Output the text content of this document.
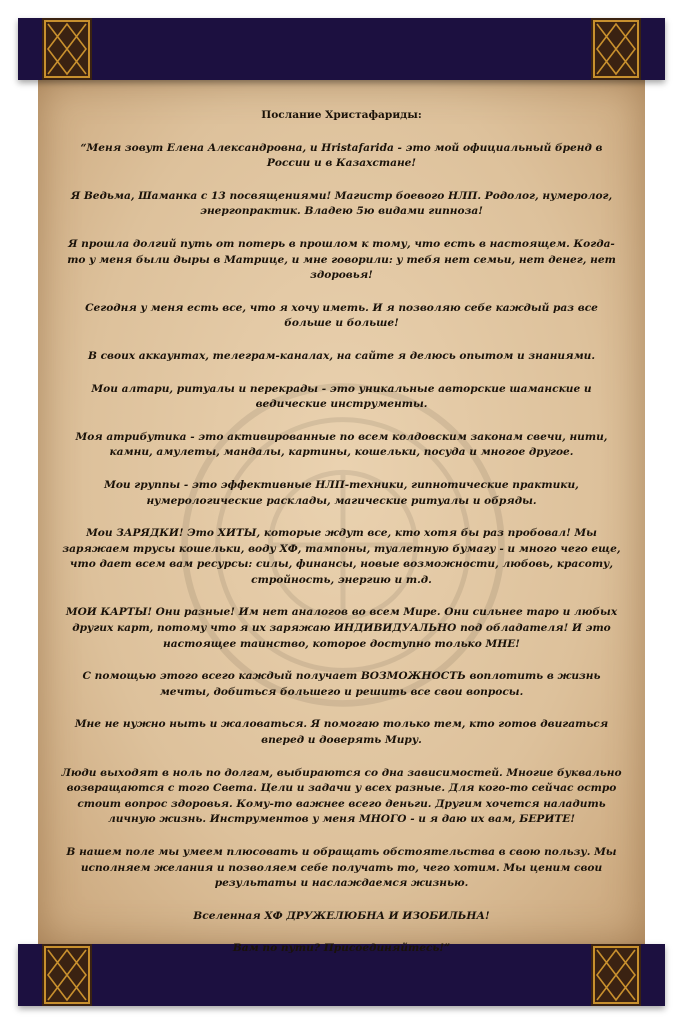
Послание Христафариды:

“Меня зовут Елена Александровна, и Hristafarida - это мой официальный бренд в России и в Казахстане!

Я Ведьма, Шаманка с 13 посвящениями! Магистр боевого НЛП. Родолог, нумеролог, энергопрактик. Владею 5ю видами гипноза!

Я прошла долгий путь от потерь в прошлом к тому, что есть в настоящем. Когда-то у меня были дыры в Матрице, и мне говорили: у тебя нет семьи, нет денег, нет здоровья!

Сегодня у меня есть все, что я хочу иметь. И я позволяю себе каждый раз все больше и больше!

В своих аккаунтах, телеграм-каналах, на сайте я делюсь опытом и знаниями.

Мои алтари, ритуалы и перекрады - это уникальные авторские шаманские и ведические инструменты.

Моя атрибутика - это активированные по всем колдовским законам свечи, нити, камни, амулеты, мандалы, картины, кошельки, посуда и многое другое.

Мои группы - это эффективные НЛП-техники, гипнотические практики, нумерологические расклады, магические ритуалы и обряды.

Мои ЗАРЯДКИ! Это ХИТЫ, которые ждут все, кто хотя бы раз пробовал! Мы заряжаем трусы кошельки, воду ХФ, тампоны, туалетную бумагу - и много чего еще, что дает всем вам ресурсы: силы, финансы, новые возможности, любовь, красоту, стройность, энергию и т.д.

МОИ КАРТЫ! Они разные! Им нет аналогов во всем Мире. Они сильнее таро и любых других карт, потому что я их заряжаю ИНДИВИДУАЛЬНО под обладателя! И это настоящее таинство, которое доступно только МНЕ!

С помощью этого всего каждый получает ВОЗМОЖНОСТЬ воплотить в жизнь мечты, добиться большего и решить все свои вопросы.

Мне не нужно ныть и жаловаться. Я помогаю только тем, кто готов двигаться вперед и доверять Миру.

Люди выходят в ноль по долгам, выбираются со дна зависимостей. Многие буквально возвращаются с того Света. Цели и задачи у всех разные. Для кого-то сейчас остро стоит вопрос здоровья. Кому-то важнее всего деньги. Другим хочется наладить личную жизнь. Инструментов у меня МНОГО - и я даю их вам, БЕРИТЕ!

В нашем поле мы умеем плюсовать и обращать обстоятельства в свою пользу. Мы исполняем желания и позволяем себе получать то, чего хотим. Мы ценим свои результаты и наслаждаемся жизнью.

Вселенная ХФ ДРУЖЕЛЮБНА И ИЗОБИЛЬНА!

Вам по пути? Присоединяйтесь!”
